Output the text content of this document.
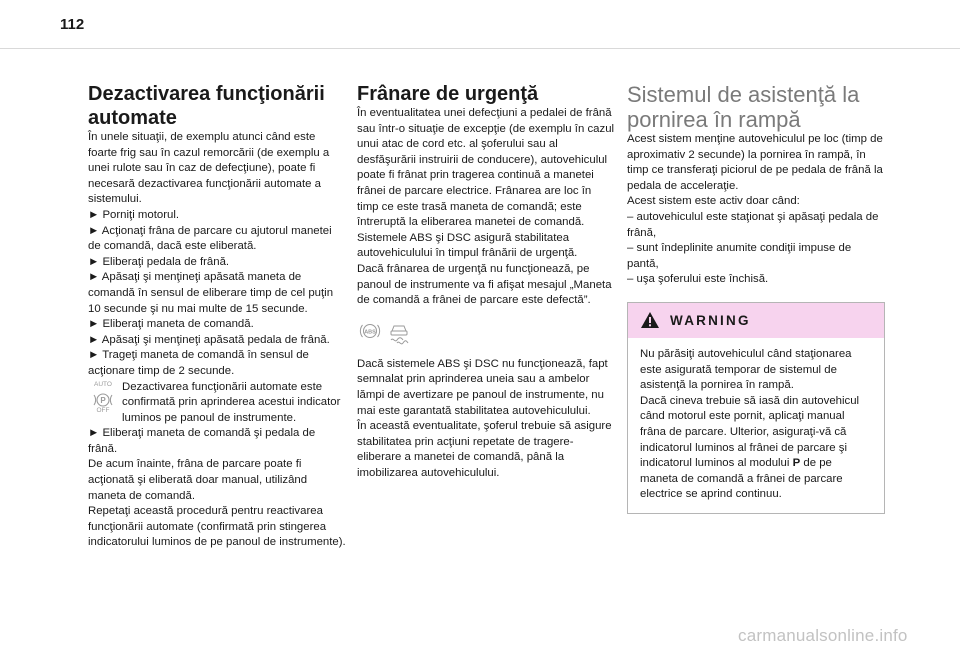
112

Dezactivarea funcţionării automate

În unele situaţii, de exemplu atunci când este foarte frig sau în cazul remorcării (de exemplu a unei rulote sau în caz de defecţiune), poate fi necesară dezactivarea funcţionării automate a sistemului.

► Porniţi motorul.

► Acţionaţi frâna de parcare cu ajutorul manetei de comandă, dacă este eliberată.

► Eliberaţi pedala de frână.

► Apăsaţi şi menţineţi apăsată maneta de comandă în sensul de eliberare timp de cel puţin 10 secunde şi nu mai multe de 15 secunde.

► Eliberaţi maneta de comandă.

► Apăsaţi şi menţineţi apăsată pedala de frână.

► Trageţi maneta de comandă în sensul de acţionare timp de 2 secunde.

AUTO
P
OFF

Dezactivarea funcţionării automate este confirmată prin aprinderea acestui indicator luminos pe panoul de instrumente.

► Eliberaţi maneta de comandă şi pedala de frână.

De acum înainte, frâna de parcare poate fi acţionată şi eliberată doar manual, utilizând maneta de comandă.

Repetaţi această procedură pentru reactivarea funcţionării automate (confirmată prin stingerea indicatorului luminos de pe panoul de instrumente).

Frânare de urgenţă

În eventualitatea unei defecţiuni a pedalei de frână sau într-o situaţie de excepţie (de exemplu în cazul unui atac de cord etc. al şoferului sau al desfăşurării instruirii de conducere), autovehiculul poate fi frânat prin tragerea continuă a manetei frânei de parcare electrice. Frânarea are loc în timp ce este trasă maneta de comandă; este întreruptă la eliberarea manetei de comandă.

Sistemele ABS şi DSC asigură stabilitatea autovehiculului în timpul frânării de urgenţă.

Dacă frânarea de urgenţă nu funcţionează, pe panoul de instrumente va fi afişat mesajul „Maneta de comandă a frânei de parcare este defectă”.

ABS

Dacă sistemele ABS şi DSC nu funcţionează, fapt semnalat prin aprinderea uneia sau a ambelor lămpi de avertizare pe panoul de instrumente, nu mai este garantată stabilitatea autovehiculului.

În această eventualitate, şoferul trebuie să asigure stabilitatea prin acţiuni repetate de tragere-eliberare a manetei de comandă, până la imobilizarea autovehiculului.

Sistemul de asistenţă la pornirea în rampă

Acest sistem menţine autovehiculul pe loc (timp de aproximativ 2 secunde) la pornirea în rampă, în timp ce transferaţi piciorul de pe pedala de frână la pedala de acceleraţie.

Acest sistem este activ doar când:

– autovehiculul este staţionat şi apăsaţi pedala de frână,

– sunt îndeplinite anumite condiţii impuse de pantă,

– uşa şoferului este închisă.

WARNING

Nu părăsiţi autovehiculul când staţionarea este asigurată temporar de sistemul de asistenţă la pornirea în rampă.

Dacă cineva trebuie să iasă din autovehicul când motorul este pornit, aplicaţi manual frâna de parcare. Ulterior, asiguraţi-vă că indicatorul luminos al frânei de parcare şi indicatorul luminos al modului P de pe maneta de comandă a frânei de parcare electrice se aprind continuu.

carmanualsonline.info
